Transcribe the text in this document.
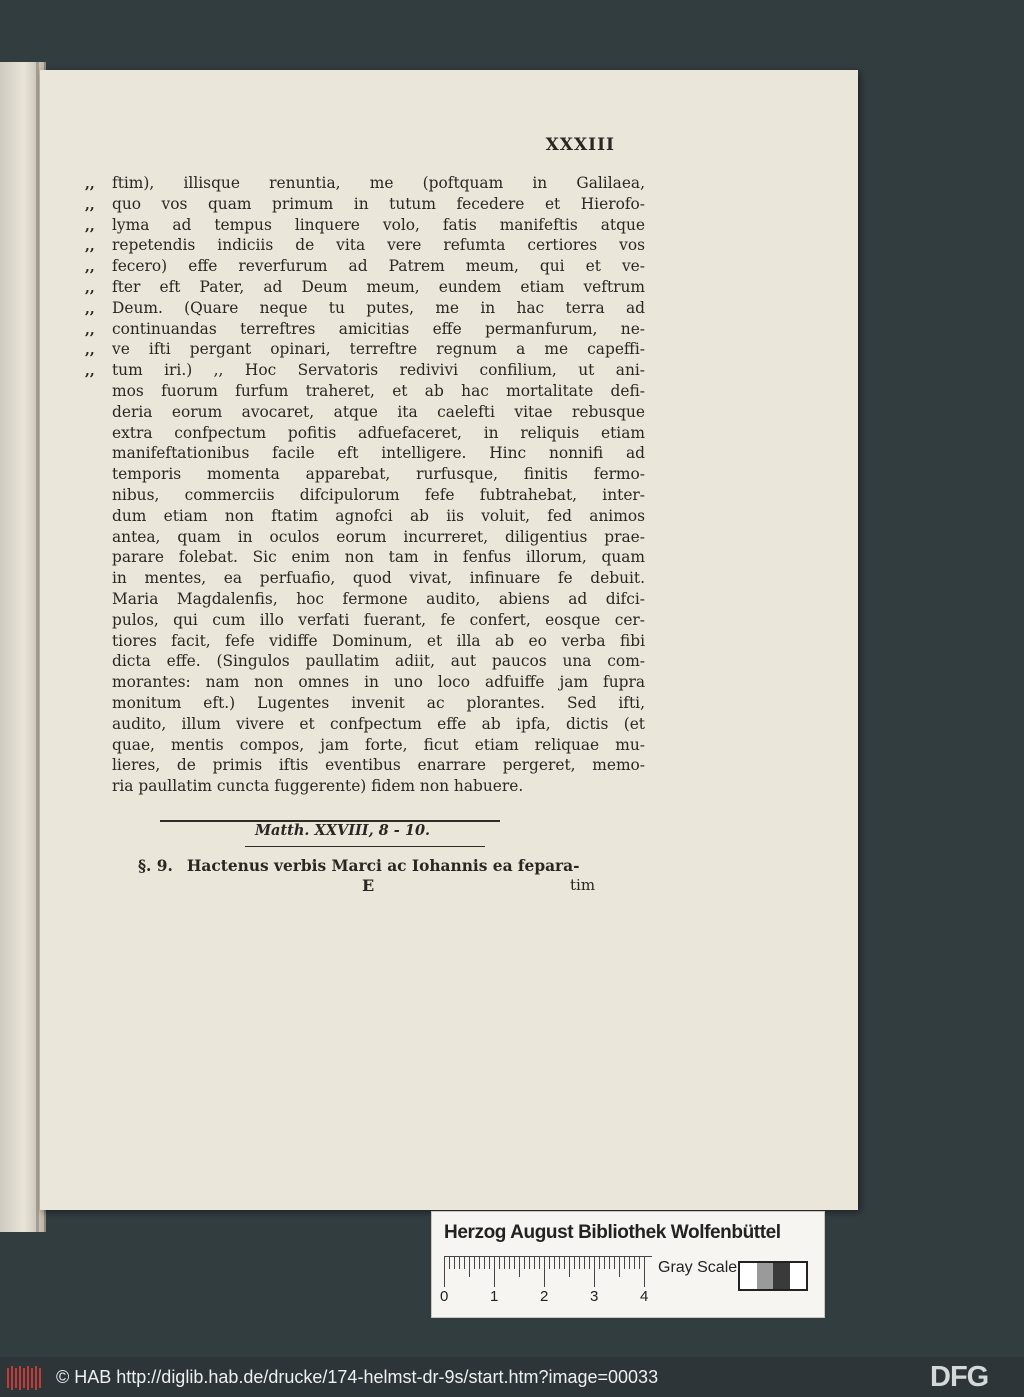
XXXIII
,,	ftim), illisque renuntia, me (poftquam in Galilaea,
,,	quo vos quam primum in tutum fecedere et Hierofo-
,,	lyma ad tempus linquere volo, fatis manifeftis atque
,,	repetendis indiciis de vita vere refumta certiores vos
,,	fecero) effe reverfurum ad Patrem meum, qui et ve-
,,	fter eft Pater, ad Deum meum, eundem etiam veftrum
,,	Deum. (Quare neque tu putes, me in hac terra ad
,,	continuandas terreftres amicitias effe permanfurum, ne-
,,	ve ifti pergant opinari, terreftre regnum a me capeffi-
,,	tum iri.) ,, Hoc Servatoris redivivi confilium, ut ani-
mos fuorum furfum traheret, et ab hac mortalitate defi-
deria eorum avocaret, atque ita caelefti vitae rebusque
extra confpectum pofitis adfuefaceret, in reliquis etiam
manifeftationibus facile eft intelligere. Hinc nonnifi ad
temporis momenta apparebat, rurfusque, finitis fermo-
nibus, commerciis difcipulorum fefe fubtrahebat, inter-
dum etiam non ftatim agnofci ab iis voluit, fed animos
antea, quam in oculos eorum incurreret, diligentius prae-
parare folebat. Sic enim non tam in fenfus illorum, quam
in mentes, ea perfuafio, quod vivat, infinuare fe debuit.
Maria Magdalenfis, hoc fermone audito, abiens ad difci-
pulos, qui cum illo verfati fuerant, fe confert, eosque cer-
tiores facit, fefe vidiffe Dominum, et illa ab eo verba fibi
dicta effe. (Singulos paullatim adiit, aut paucos una com-
morantes: nam non omnes in uno loco adfuiffe jam fupra
monitum eft.) Lugentes invenit ac plorantes. Sed ifti,
audito, illum vivere et confpectum effe ab ipfa, dictis (et
quae, mentis compos, jam forte, ficut etiam reliquae mu-
lieres, de primis iftis eventibus enarrare pergeret, memo-
ria paullatim cuncta fuggerente) fidem non habuere.
Matth. XXVIII, 8 - 10.
§. 9. Hactenus verbis Marci ac Iohannis ea fepara-
E	tim
Herzog August Bibliothek Wolfenbüttel
0	1	2	3	4
Gray Scale
© HAB http://diglib.hab.de/drucke/174-helmst-dr-9s/start.htm?image=00033	DFG
